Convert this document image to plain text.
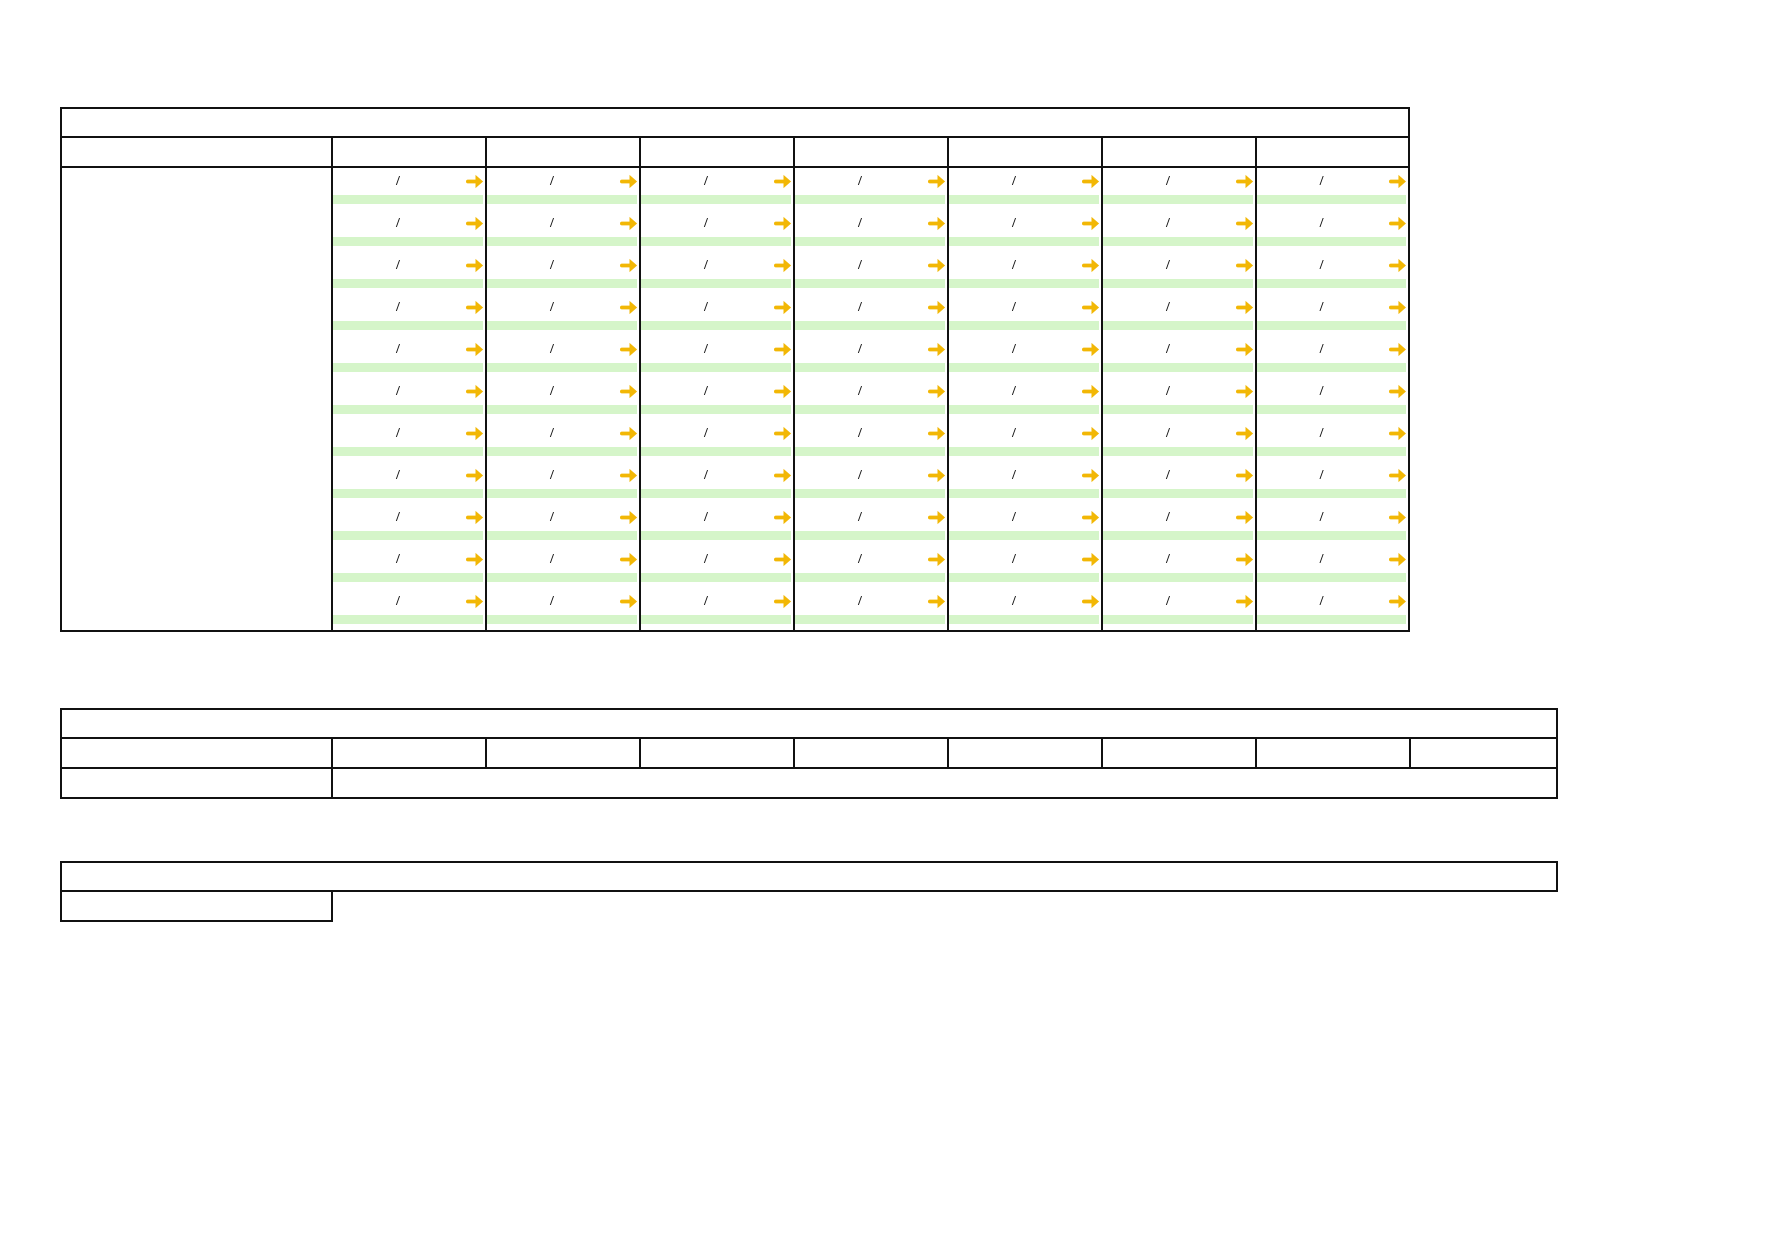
	/	/	/	/	/	/	/

	/	/	/	/	/	/	/

	/	/	/	/	/	/	/

	/	/	/	/	/	/	/

	/	/	/	/	/	/	/

	/	/	/	/	/	/	/

	/	/	/	/	/	/	/

	/	/	/	/	/	/	/

	/	/	/	/	/	/	/

	/	/	/	/	/	/	/

	/	/	/	/	/	/	/
